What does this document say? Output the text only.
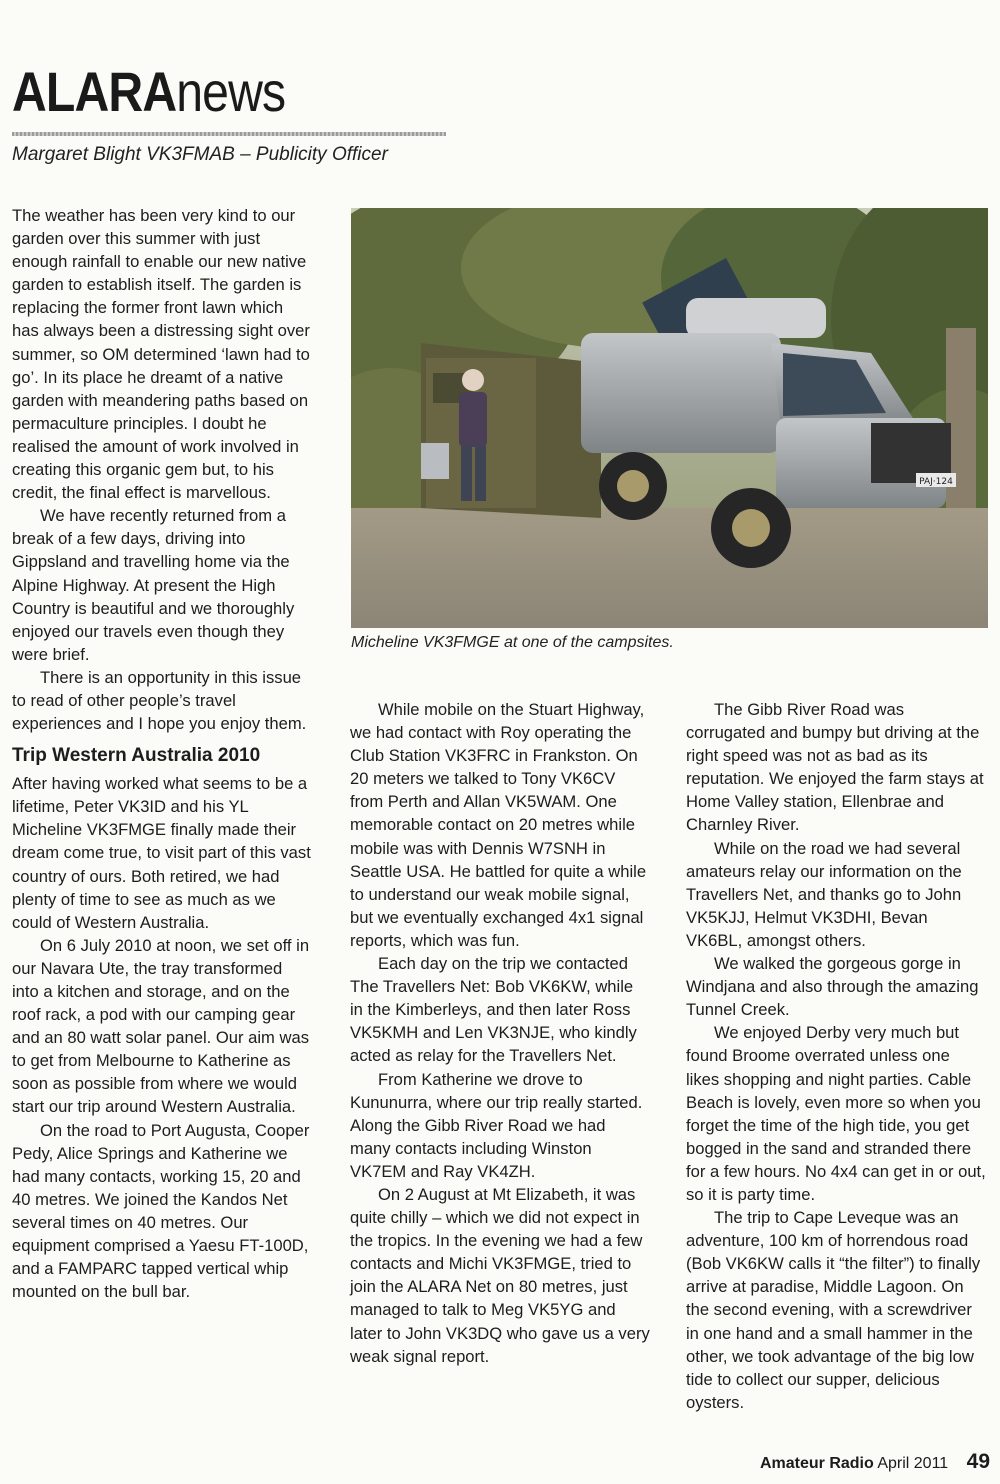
ALARAnews
Margaret Blight VK3FMAB – Publicity Officer

The weather has been very kind to our garden over this summer with just enough rainfall to enable our new native garden to establish itself. The garden is replacing the former front lawn which has always been a distressing sight over summer, so OM determined ‘lawn had to go’. In its place he dreamt of a native garden with meandering paths based on permaculture principles. I doubt he realised the amount of work involved in creating this organic gem but, to his credit, the final effect is marvellous.

We have recently returned from a break of a few days, driving into Gippsland and travelling home via the Alpine Highway. At present the High Country is beautiful and we thoroughly enjoyed our travels even though they were brief.

There is an opportunity in this issue to read of other people’s travel experiences and I hope you enjoy them.

Trip Western Australia 2010

After having worked what seems to be a lifetime, Peter VK3ID and his YL Micheline VK3FMGE finally made their dream come true, to visit part of this vast country of ours. Both retired, we had plenty of time to see as much as we could of Western Australia.

On 6 July 2010 at noon, we set off in our Navara Ute, the tray transformed into a kitchen and storage, and on the roof rack, a pod with our camping gear and an 80 watt solar panel. Our aim was to get from Melbourne to Katherine as soon as possible from where we would start our trip around Western Australia.

On the road to Port Augusta, Cooper Pedy, Alice Springs and Katherine we had many contacts, working 15, 20 and 40 metres. We joined the Kandos Net several times on 40 metres. Our equipment comprised a Yaesu FT-100D, and a FAMPARC tapped vertical whip mounted on the bull bar.

PAJ·124
Micheline VK3FMGE at one of the campsites.

While mobile on the Stuart Highway, we had contact with Roy operating the Club Station VK3FRC in Frankston. On 20 meters we talked to Tony VK6CV from Perth and Allan VK5WAM. One memorable contact on 20 metres while mobile was with Dennis W7SNH in Seattle USA. He battled for quite a while to understand our weak mobile signal, but we eventually exchanged 4x1 signal reports, which was fun.

Each day on the trip we contacted The Travellers Net: Bob VK6KW, while in the Kimberleys, and then later Ross VK5KMH and Len VK3NJE, who kindly acted as relay for the Travellers Net.

From Katherine we drove to Kununurra, where our trip really started. Along the Gibb River Road we had many contacts including Winston VK7EM and Ray VK4ZH.

On 2 August at Mt Elizabeth, it was quite chilly – which we did not expect in the tropics. In the evening we had a few contacts and Michi VK3FMGE, tried to join the ALARA Net on 80 metres, just managed to talk to Meg VK5YG and later to John VK3DQ who gave us a very weak signal report.

The Gibb River Road was corrugated and bumpy but driving at the right speed was not as bad as its reputation. We enjoyed the farm stays at Home Valley station, Ellenbrae and Charnley River.

While on the road we had several amateurs relay our information on the Travellers Net, and thanks go to John VK5KJJ, Helmut VK3DHI, Bevan VK6BL, amongst others.

We walked the gorgeous gorge in Windjana and also through the amazing Tunnel Creek.

We enjoyed Derby very much but found Broome overrated unless one likes shopping and night parties. Cable Beach is lovely, even more so when you forget the time of the high tide, you get bogged in the sand and stranded there for a few hours. No 4x4 can get in or out, so it is party time.

The trip to Cape Leveque was an adventure, 100 km of horrendous road (Bob VK6KW calls it “the filter”) to finally arrive at paradise, Middle Lagoon. On the second evening, with a screwdriver in one hand and a small hammer in the other, we took advantage of the big low tide to collect our supper, delicious oysters.

Amateur Radio April 2011 49
